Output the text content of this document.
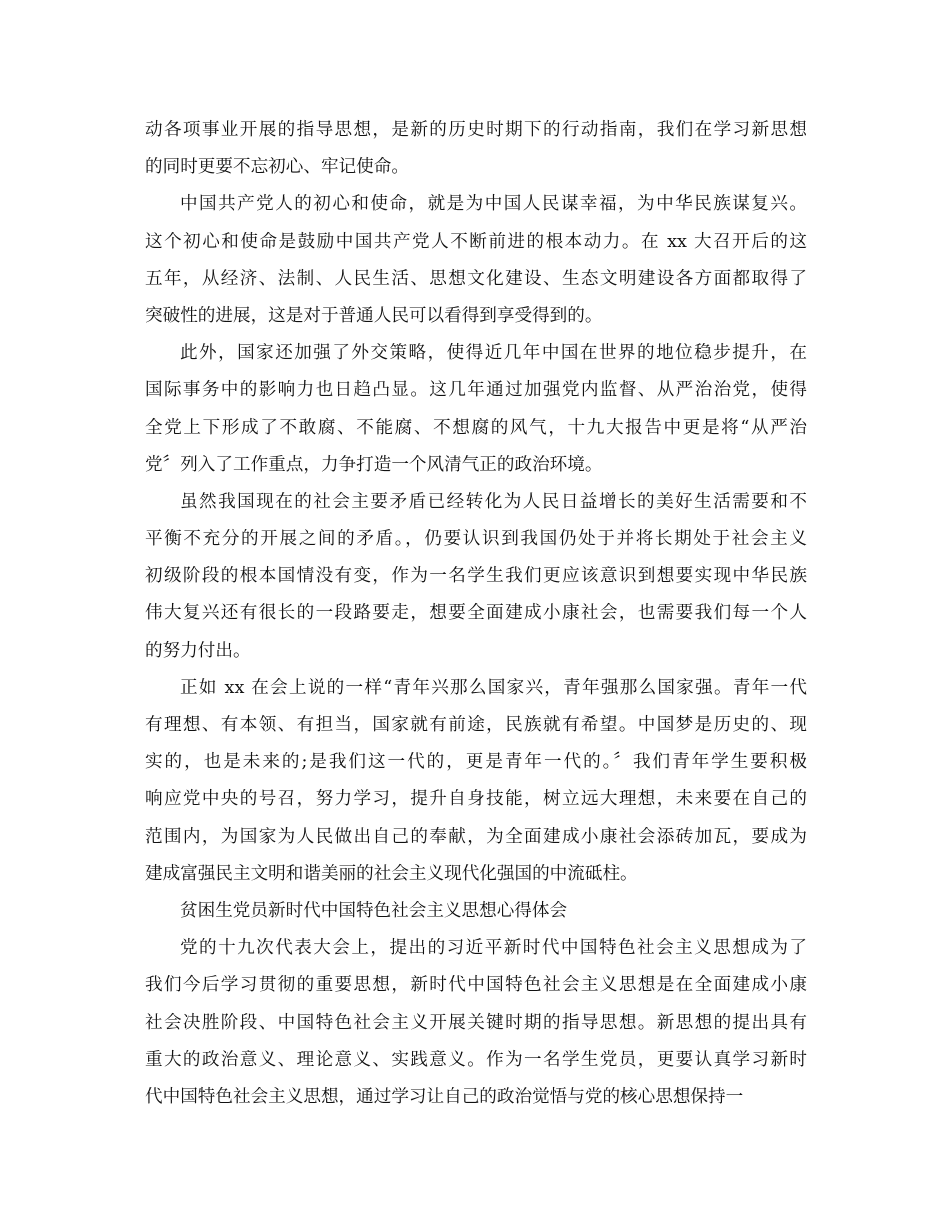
动各项事业开展的指导思想，是新的历史时期下的行动指南，我们在学习新思想
的同时更要不忘初心、牢记使命。
中国共产党人的初心和使命，就是为中国人民谋幸福，为中华民族谋复兴。
这个初心和使命是鼓励中国共产党人不断前进的根本动力。在 xx 大召开后的这
五年，从经济、法制、人民生活、思想文化建设、生态文明建设各方面都取得了
突破性的进展，这是对于普通人民可以看得到享受得到的。
此外，国家还加强了外交策略，使得近几年中国在世界的地位稳步提升，在
国际事务中的影响力也日趋凸显。这几年通过加强党内监督、从严治治党，使得
全党上下形成了不敢腐、不能腐、不想腐的风气，十九大报告中更是将“从严治
党〞列入了工作重点，力争打造一个风清气正的政治环境。
虽然我国现在的社会主要矛盾已经转化为人民日益增长的美好生活需要和不
平衡不充分的开展之间的矛盾。，仍要认识到我国仍处于并将长期处于社会主义
初级阶段的根本国情没有变，作为一名学生我们更应该意识到想要实现中华民族
伟大复兴还有很长的一段路要走，想要全面建成小康社会，也需要我们每一个人
的努力付出。
正如 xx 在会上说的一样“青年兴那么国家兴，青年强那么国家强。青年一代
有理想、有本领、有担当，国家就有前途，民族就有希望。中国梦是历史的、现
实的，也是未来的;是我们这一代的，更是青年一代的。〞我们青年学生要积极
响应党中央的号召，努力学习，提升自身技能，树立远大理想，未来要在自己的
范围内，为国家为人民做出自己的奉献，为全面建成小康社会添砖加瓦，要成为
建成富强民主文明和谐美丽的社会主义现代化强国的中流砥柱。
贫困生党员新时代中国特色社会主义思想心得体会
党的十九次代表大会上，提出的习近平新时代中国特色社会主义思想成为了
我们今后学习贯彻的重要思想，新时代中国特色社会主义思想是在全面建成小康
社会决胜阶段、中国特色社会主义开展关键时期的指导思想。新思想的提出具有
重大的政治意义、理论意义、实践意义。作为一名学生党员，更要认真学习新时
代中国特色社会主义思想，通过学习让自己的政治觉悟与党的核心思想保持一
